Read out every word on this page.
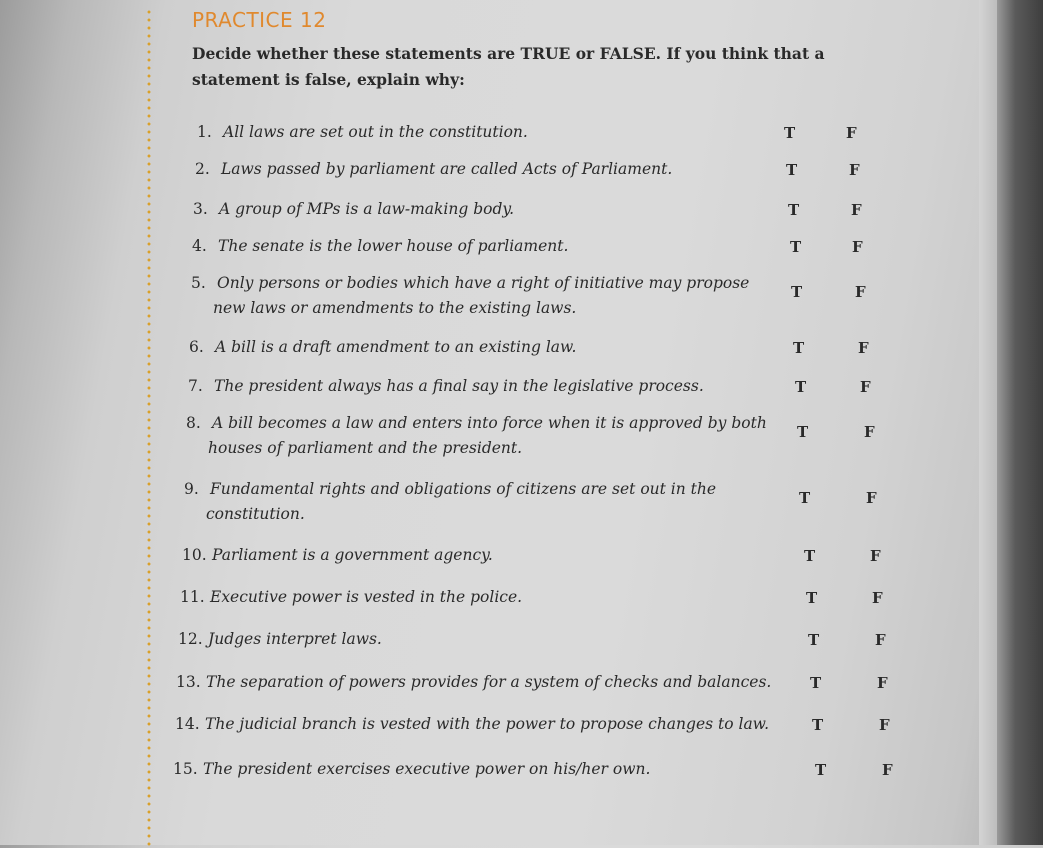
PRACTICE 12
Decide whether these statements are TRUE or FALSE. If you think that a statement is false, explain why:
1. All laws are set out in the constitution.	T	F
2. Laws passed by parliament are called Acts of Parliament.	T	F
3. A group of MPs is a law-making body.	T	F
4. The senate is the lower house of parliament.	T	F
5. Only persons or bodies which have a right of initiative may propose
new laws or amendments to the existing laws.
T	F
6. A bill is a draft amendment to an existing law.	T	F
7. The president always has a final say in the legislative process.	T	F
8. A bill becomes a law and enters into force when it is approved by both
houses of parliament and the president.
T	F
9. Fundamental rights and obligations of citizens are set out in the
constitution.
T	F
10. Parliament is a government agency.	T	F
11. Executive power is vested in the police.	T	F
12. Judges interpret laws.	T	F
13. The separation of powers provides for a system of checks and balances.	T	F
14. The judicial branch is vested with the power to propose changes to law.	T	F
15. The president exercises executive power on his/her own.	T	F
